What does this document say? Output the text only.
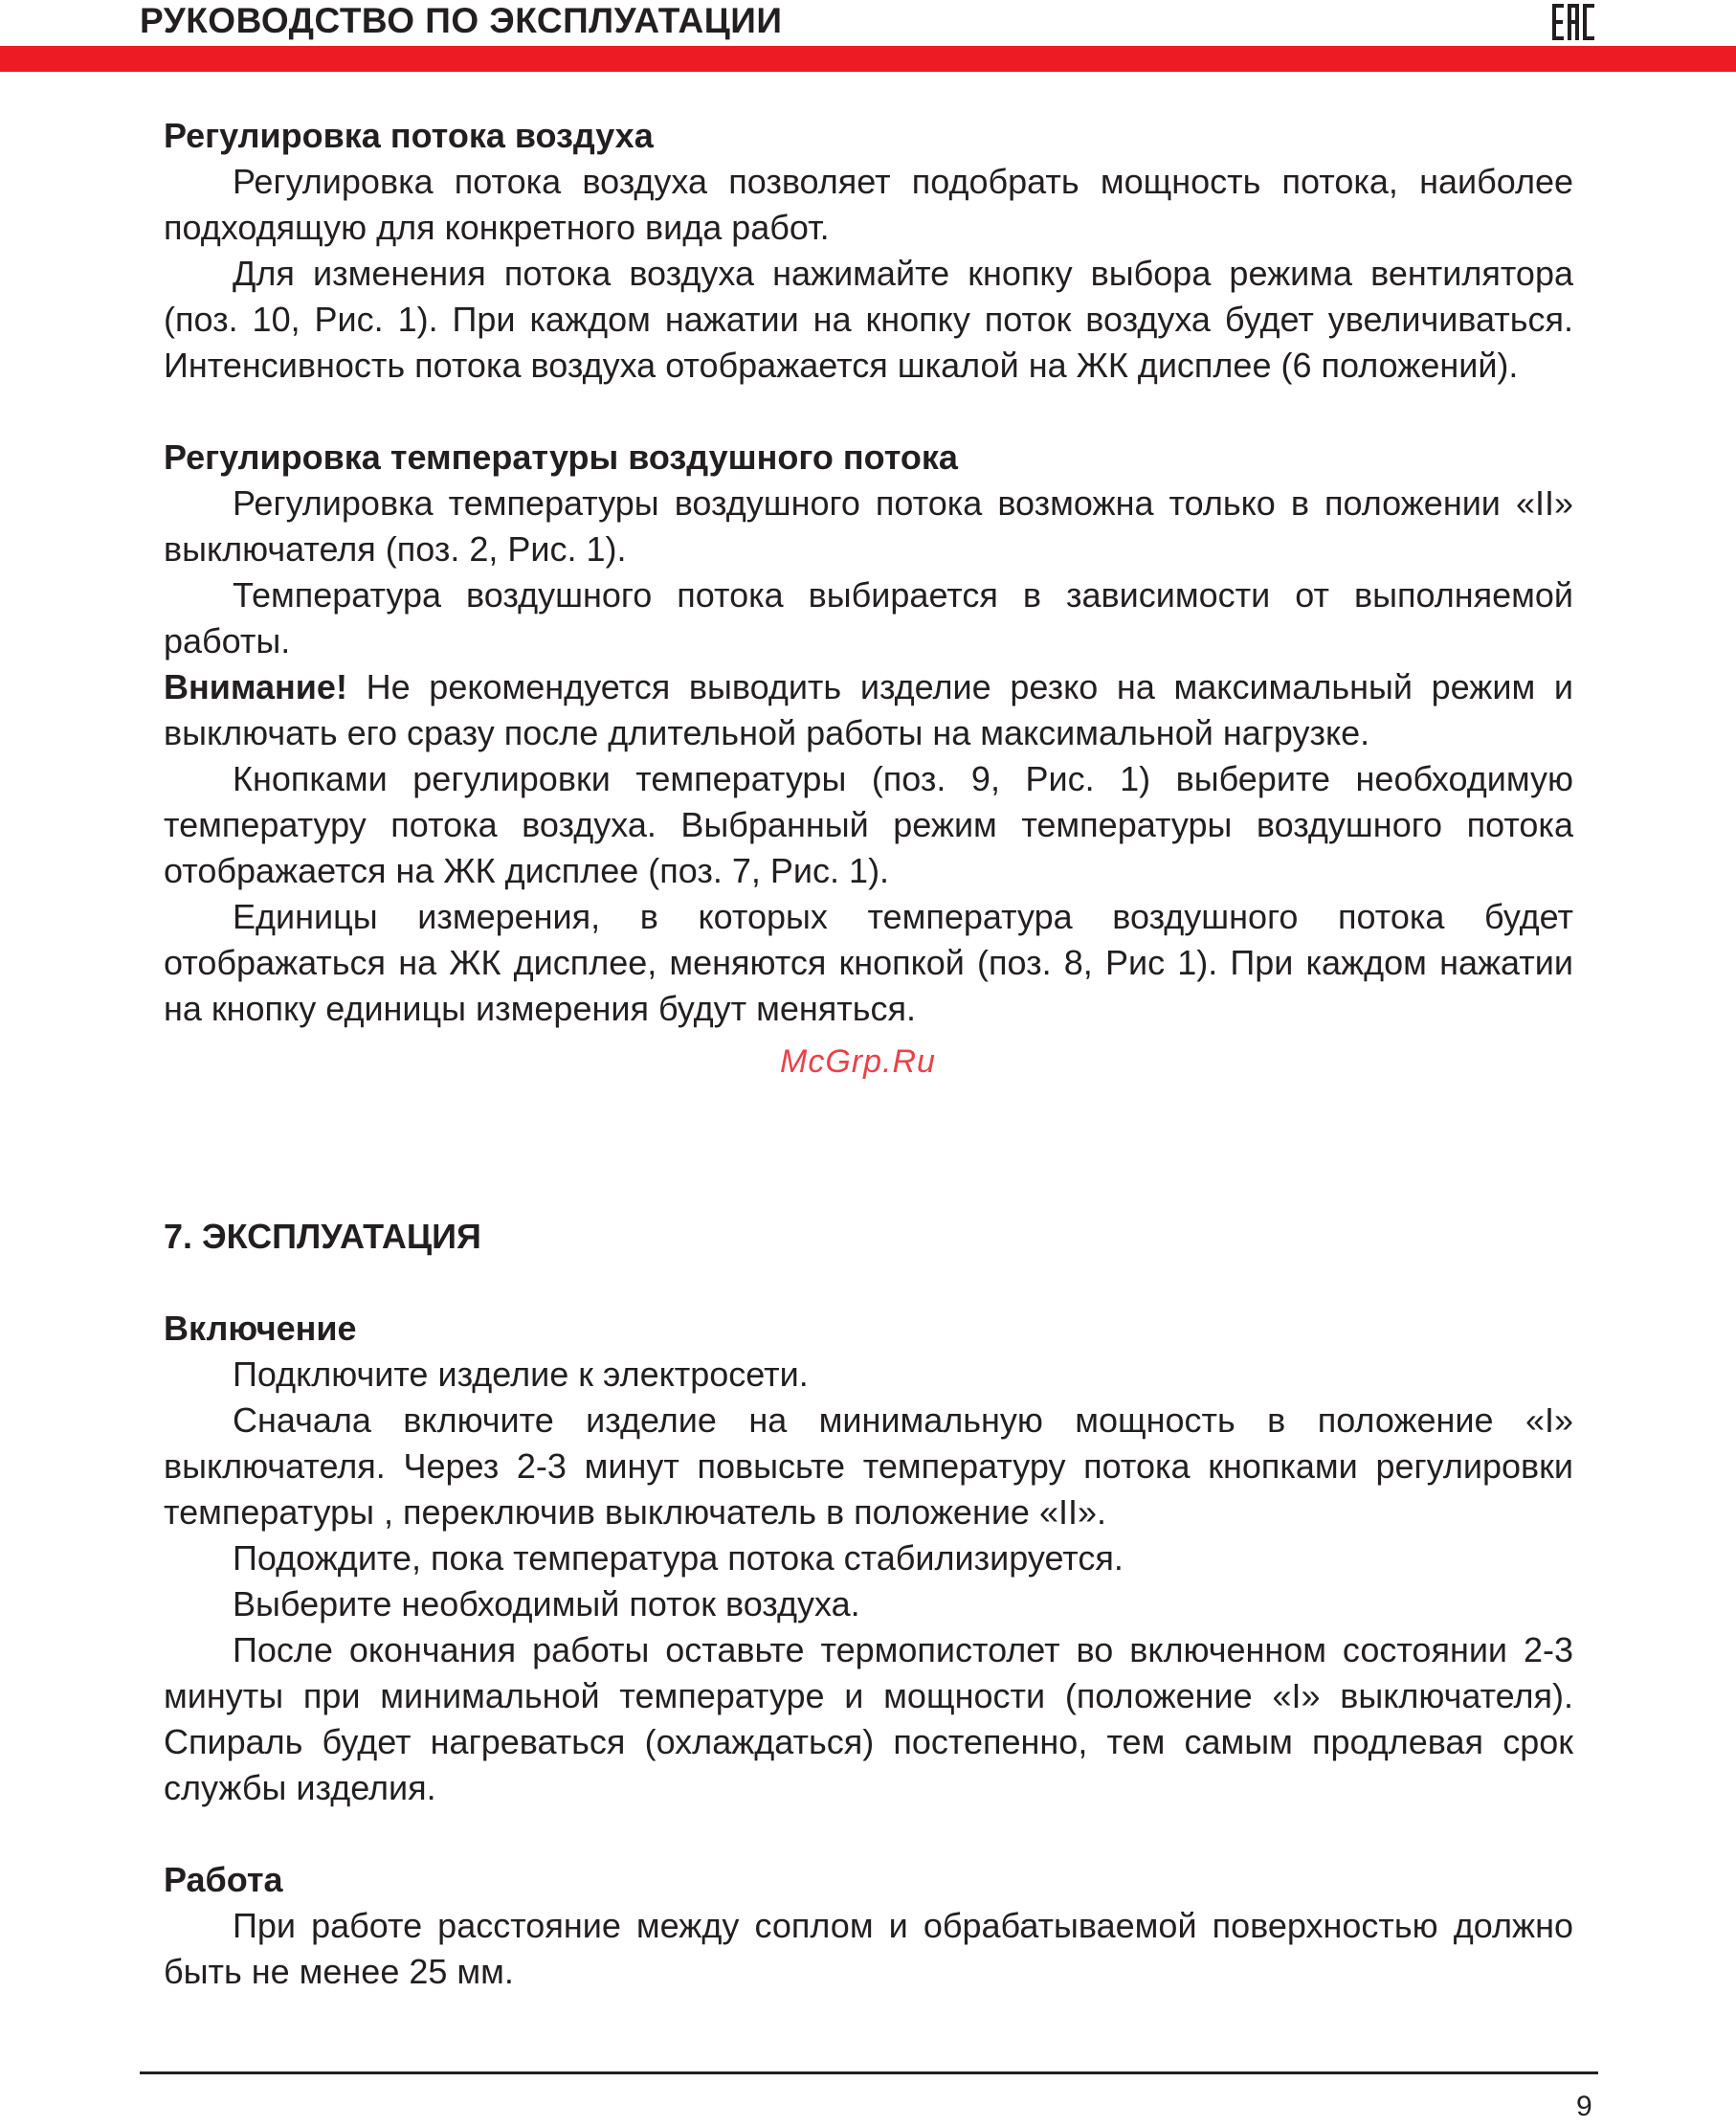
РУКОВОДСТВО ПО ЭКСПЛУАТАЦИИ
Регулировка потока воздуха

Регулировка потока воздуха позволяет подобрать мощность потока, наиболее подходящую для конкретного вида работ.

Для изменения потока воздуха нажимайте кнопку выбора режима вентилятора (поз. 10, Рис. 1). При каждом нажатии на кнопку поток воздуха будет увеличиваться. Интенсивность потока воздуха отображается шкалой на ЖК дисплее (6 положений).

Регулировка температуры воздушного потока

Регулировка температуры воздушного потока возможна только в положении «II» выключателя (поз. 2, Рис. 1).

Температура воздушного потока выбирается в зависимости от выполняемой работы.

Внимание! Не рекомендуется выводить изделие резко на максимальный режим и выключать его сразу после длительной работы на максимальной нагрузке.

Кнопками регулировки температуры (поз. 9, Рис. 1) выберите необходимую температуру потока воздуха. Выбранный режим температуры воздушного потока отображается на ЖК дисплее (поз. 7, Рис. 1).

Единицы измерения, в которых температура воздушного потока будет отображаться на ЖК дисплее, меняются кнопкой (поз. 8, Рис 1). При каждом нажатии на кнопку единицы измерения будут меняться.

7. ЭКСПЛУАТАЦИЯ

Включение

Подключите изделие к электросети.

Сначала включите изделие на минимальную мощность в положение «I» выключателя. Через 2-3 минут повысьте температуру потока кнопками регулировки температуры , переключив выключатель в положение «II».

Подождите, пока температура потока стабилизируется.

Выберите необходимый поток воздуха.

После окончания работы оставьте термопистолет во включенном состоянии 2-3 минуты при минимальной температуре и мощности (положение «I» выключателя). Спираль будет нагреваться (охлаждаться) постепенно, тем самым продлевая срок службы изделия.

Работа

При работе расстояние между соплом и обрабатываемой поверхностью должно быть не менее 25 мм.

McGrp.Ru
9
